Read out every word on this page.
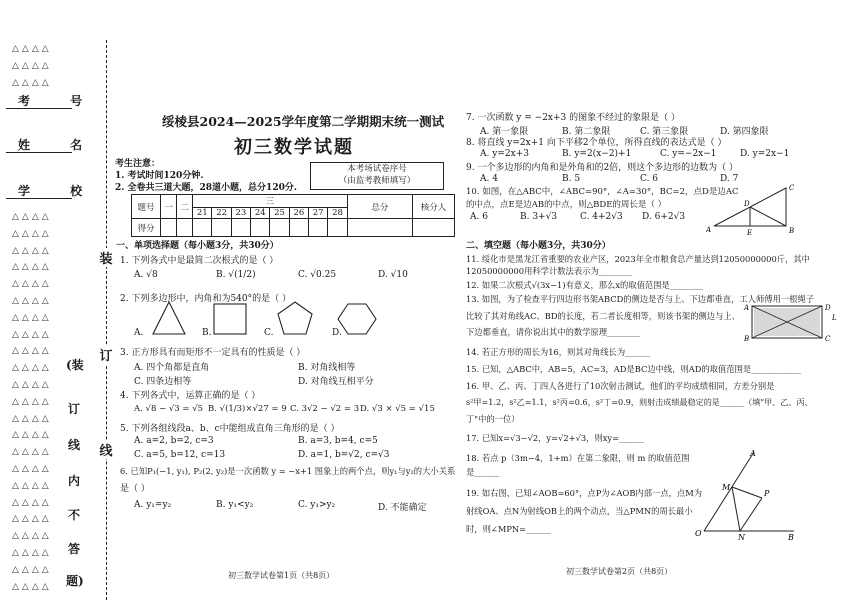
△△△△
△△△△
△△△△
△△△△
△△△△
△△△△
△△△△
△△△△
△△△△
△△△△
△△△△
△△△△
△△△△
△△△△
△△△△
△△△△
△△△△
△△△△
△△△△
△△△△
△△△△
△△△△
△△△△
△△△△
△△△△
△△△△
考 号
姓 名
学 校
装
订
线
(装
订
线
内
不
答
题)
绥棱县2024—2025学年度第二学期期末统一测试
初三数学试题
考生注意：
1. 考试时间120分钟.
2. 全卷共三道大题，28道小题，总分120分.
本考场试卷序号
（由监考教师填写）
题号	一	二	三								总分	核分人
			21	22	23	24	25	26	27	28		
得分												
一、单项选择题（每小题3分，共30分）
1. 下列各式中是最简二次根式的是（ ）
A. √8	B. √(1/2)	C. √0.25	D. √10
2. 下列多边形中，内角和为540°的是（ ）
A.	B.	C.	D.
3. 正方形具有而矩形不一定具有的性质是（ ）
A. 四个角都是直角	B. 对角线相等
C. 四条边相等	D. 对角线互相平分
4. 下列各式中，运算正确的是（ ）
A. √8 − √3 = √5 B. √(1/3)×√27 = 9 C. 3√2 − √2 = 3 D. √3 × √5 = √15
5. 下列各组线段a、b、c中能组成直角三角形的是（ ）
A. a=2, b=2, c=3	B. a=3, b=4, c=5
C. a=5, b=12, c=13	D. a=1, b=√2, c=√3
6. 已知P₁(−1, y₁), P₂(2, y₂)是一次函数 y = −x+1 图象上的两个点，则y₁与y₂的大小关系
是（ ）
A. y₁=y₂	B. y₁<y₂	C. y₁>y₂	D. 不能确定
初三数学试卷第1页（共8页）
7. 一次函数 y = −2x+3 的图象不经过的象限是（ ）
A. 第一象限	B. 第二象限	C. 第三象限	D. 第四象限
8. 将直线 y=2x+1 向下平移2个单位，所得直线的表达式是（ ）
A. y=2x+3	B. y=2(x−2)+1	C. y=−2x−1	D. y=2x−1
9. 一个多边形的内角和是外角和的2倍，则这个多边形的边数为（ ）
A. 4	B. 5	C. 6	D. 7
10. 如图，在△ABC中，∠ABC=90°，∠A=30°，BC=2，点D是边AC
的中点，点E是边AB的中点，则△BDE的周长是（ ）
A. 6	B. 3+√3	C. 4+2√3 D. 6+2√3
A	B
C
D
E
二、填空题（每小题3分，共30分）
11. 绥化市是黑龙江省重要的农业产区，2023年全市粮食总产量达到12050000000斤，其中
12050000000用科学计数法表示为________
12. 如果二次根式√(3x−1)有意义，那么x的取值范围是________
13. 如图，为了检查平行四边形书架ABCD的侧边是否与上、下边都垂直，工人师傅用一根绳子
比较了其对角线AC、BD的长度，若二者长度相等，则该书架的侧边与上、
下边都垂直，请你说出其中的数学原理________
A
B	C
D
L
14. 若正方形的周长为16，则其对角线长为______
15. 已知，△ABC中，AB=5，AC=3，AD是BC边中线，则AD的取值范围是____________
16. 甲、乙、丙、丁四人各进行了10次射击测试，他们的平均成绩相同，方差分别是
s²甲=1.2，s²乙=1.1，s²丙=0.6，s²丁=0.9，则射击成绩最稳定的是______（填"甲、乙、丙、
丁"中的一位）
17. 已知x=√3−√2，y=√2+√3，则xy=______
18. 若点 p（3m−4，1+m）在第二象限，则 m 的取值范围
是______
19. 如右图，已知∠AOB=60°，点P为∠AOB内部一点，点M为
射线OA、点N为射线OB上的两个动点，当△PMN的周长最小
时，则∠MPN=______
A
B
O
M
N
P
初三数学试卷第2页（共8页）
